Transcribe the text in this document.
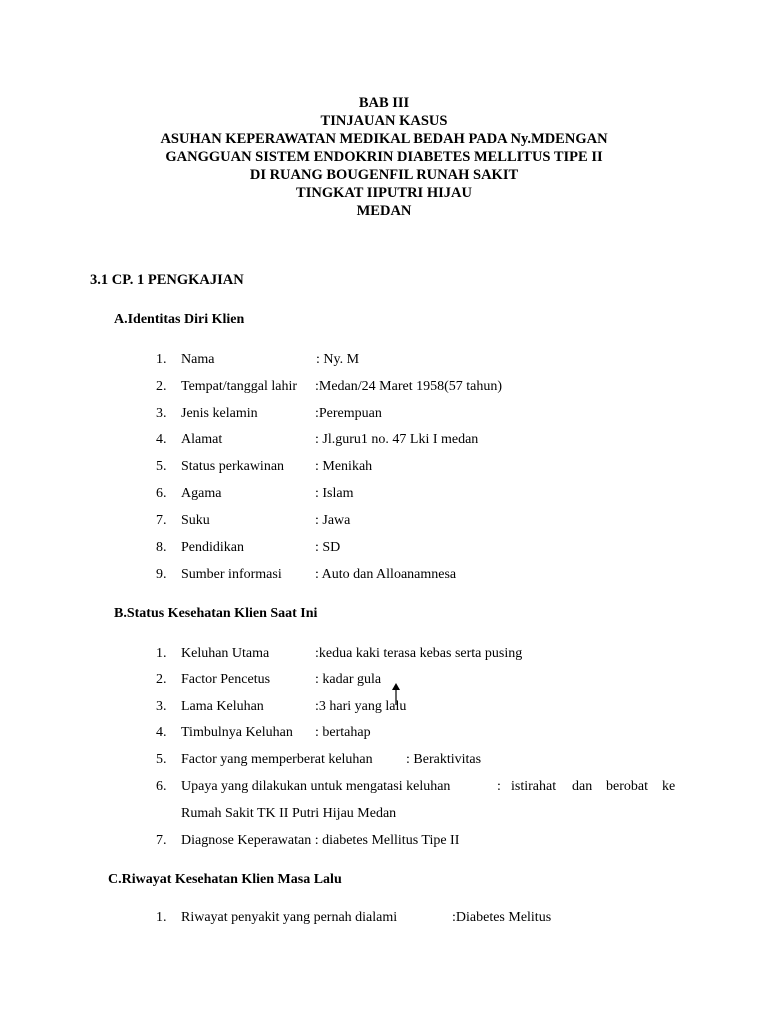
BAB III
TINJAUAN KASUS
ASUHAN KEPERAWATAN MEDIKAL BEDAH PADA Ny.MDENGAN
GANGGUAN SISTEM ENDOKRIN DIABETES MELLITUS TIPE II
DI RUANG BOUGENFIL RUNAH SAKIT
TINGKAT IIPUTRI HIJAU
MEDAN
3.1 CP. 1 PENGKAJIAN
A.Identitas Diri Klien
1. Nama	: Ny. M
2. Tempat/tanggal lahir :Medan/24 Maret 1958(57 tahun)
3. Jenis kelamin	:Perempuan
4. Alamat	: Jl.guru1 no. 47 Lki I medan
5. Status perkawinan : Menikah
6. Agama	: Islam
7. Suku	: Jawa
8. Pendidikan	: SD
9. Sumber informasi : Auto dan Alloanamnesa
B.Status Kesehatan Klien Saat Ini
1. Keluhan Utama	:kedua kaki terasa kebas serta pusing
2. Factor Pencetus	: kadar gula
3. Lama Keluhan	:3 hari yang lalu
4. Timbulnya Keluhan : bertahap
5. Factor yang memperberat keluhan : Beraktivitas
6. Upaya yang dilakukan untuk mengatasi keluhan	: istirahat dan berobat ke
Rumah Sakit TK II Putri Hijau Medan
7. Diagnose Keperawatan : diabetes Mellitus Tipe II
C.Riwayat Kesehatan Klien Masa Lalu
1. Riwayat penyakit yang pernah dialami	:Diabetes Melitus
